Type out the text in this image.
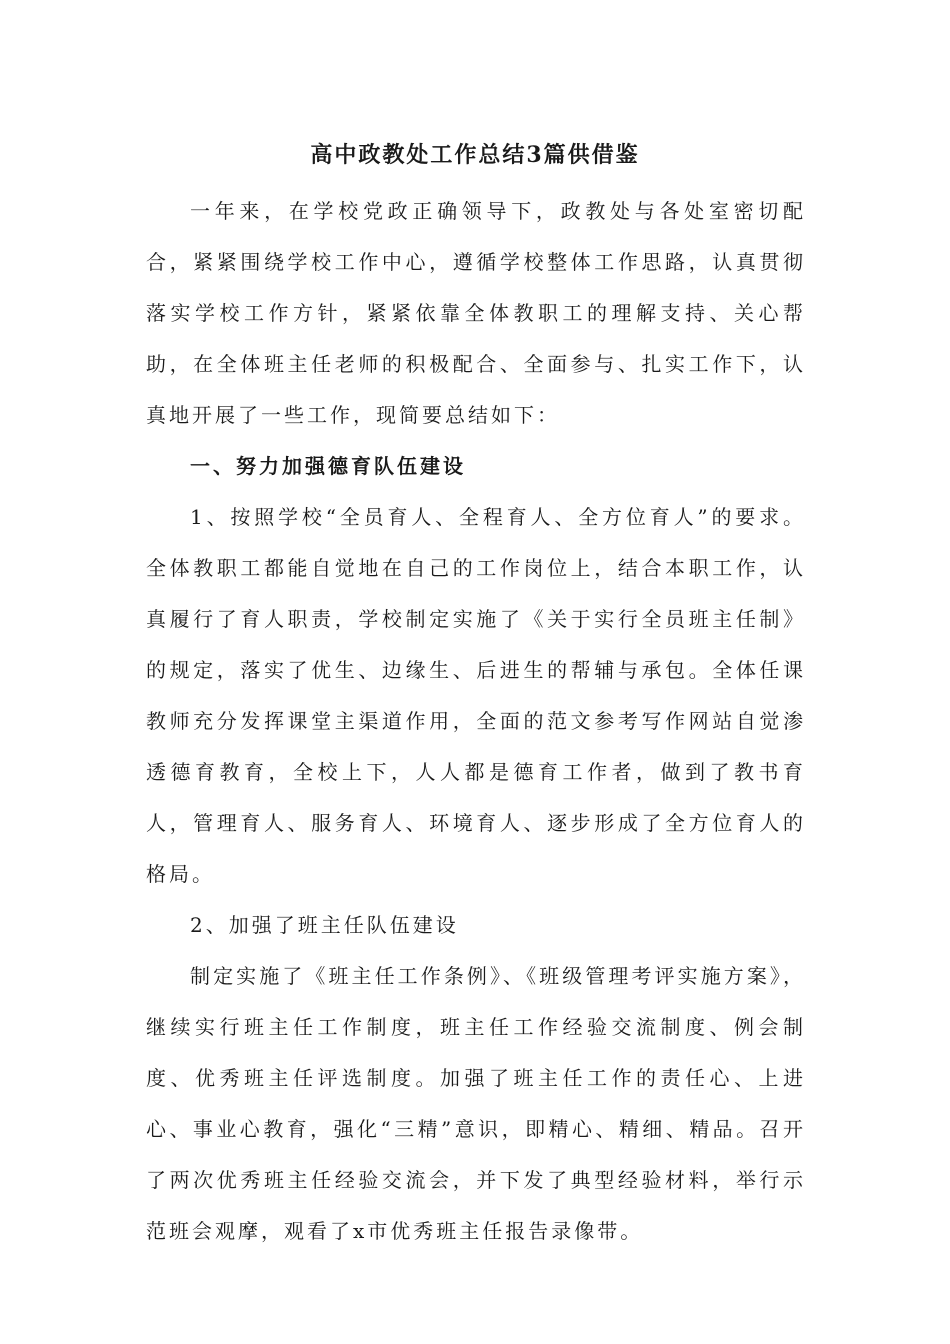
高中政教处工作总结3篇供借鉴

一年来，在学校党政正确领导下，政教处与各处室密切配合，紧紧围绕学校工作中心，遵循学校整体工作思路，认真贯彻落实学校工作方针，紧紧依靠全体教职工的理解支持、关心帮助，在全体班主任老师的积极配合、全面参与、扎实工作下，认真地开展了一些工作，现简要总结如下：

一、努力加强德育队伍建设

1、按照学校“全员育人、全程育人、全方位育人”的要求。全体教职工都能自觉地在自己的工作岗位上，结合本职工作，认真履行了育人职责，学校制定实施了《关于实行全员班主任制》的规定，落实了优生、边缘生、后进生的帮辅与承包。全体任课教师充分发挥课堂主渠道作用，全面的范文参考写作网站自觉渗透德育教育，全校上下，人人都是德育工作者，做到了教书育人，管理育人、服务育人、环境育人、逐步形成了全方位育人的格局。

2、加强了班主任队伍建设

制定实施了《班主任工作条例》、《班级管理考评实施方案》，继续实行班主任工作制度，班主任工作经验交流制度、例会制度、优秀班主任评选制度。加强了班主任工作的责任心、上进心、事业心教育，强化“三精”意识，即精心、精细、精品。召开了两次优秀班主任经验交流会，并下发了典型经验材料，举行示范班会观摩，观看了x市优秀班主任报告录像带。
